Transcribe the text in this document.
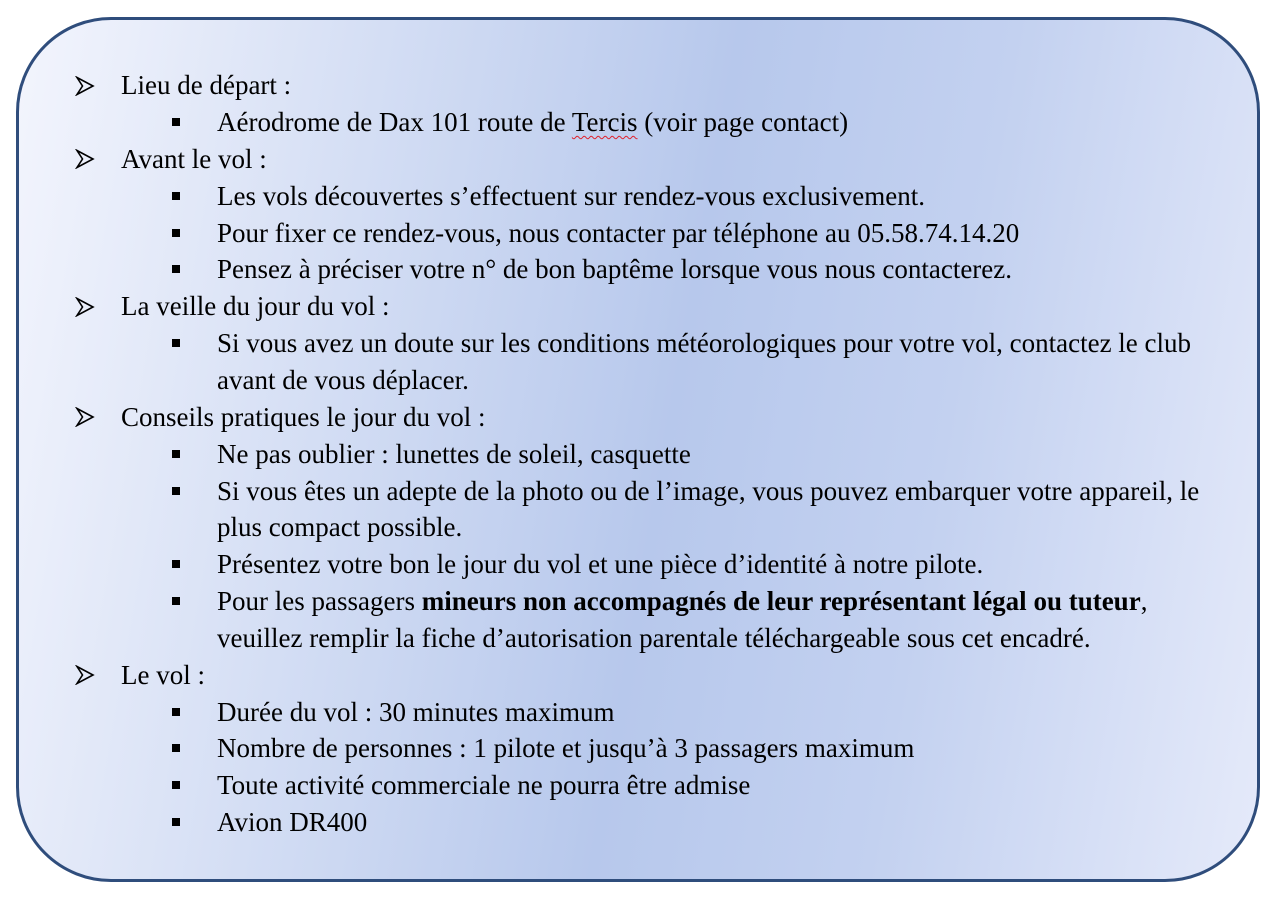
Lieu de départ :
Aérodrome de Dax 101 route de Tercis (voir page contact)
Avant le vol :
Les vols découvertes s’effectuent sur rendez-vous exclusivement.
Pour fixer ce rendez-vous, nous contacter par téléphone au 05.58.74.14.20
Pensez à préciser votre n° de bon baptême lorsque vous nous contacterez.
La veille du jour du vol :
Si vous avez un doute sur les conditions météorologiques pour votre vol, contactez le club avant de vous déplacer.
Conseils pratiques le jour du vol :
Ne pas oublier : lunettes de soleil, casquette
Si vous êtes un adepte de la photo ou de l’image, vous pouvez embarquer votre appareil, le plus compact possible.
Présentez votre bon le jour du vol et une pièce d’identité à notre pilote.
Pour les passagers mineurs non accompagnés de leur représentant légal ou tuteur, veuillez remplir la fiche d’autorisation parentale téléchargeable sous cet encadré.
Le vol :
Durée du vol : 30 minutes maximum
Nombre de personnes : 1 pilote et jusqu’à 3 passagers maximum
Toute activité commerciale ne pourra être admise
Avion DR400
